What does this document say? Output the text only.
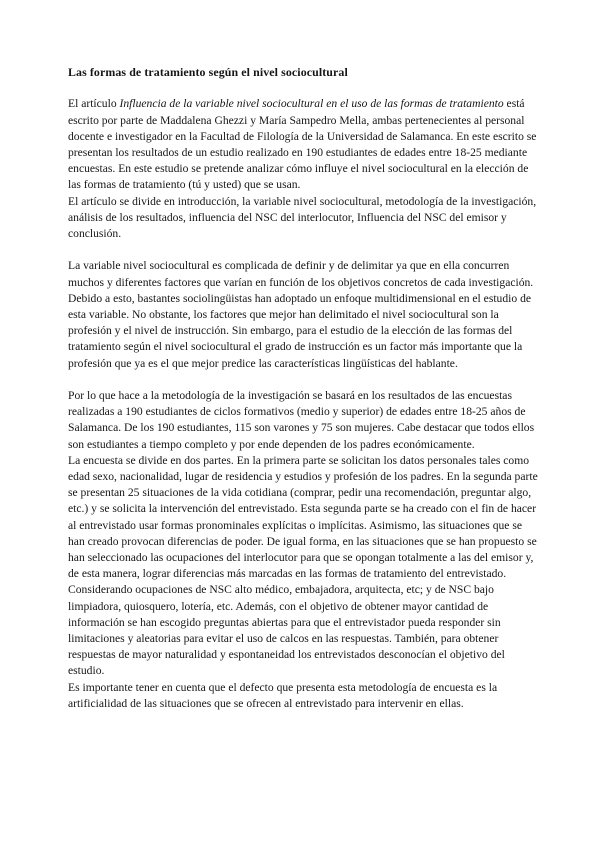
Las formas de tratamiento según el nivel sociocultural

El artículo Influencia de la variable nivel sociocultural en el uso de las formas de tratamiento está escrito por parte de Maddalena Ghezzi y María Sampedro Mella, ambas pertenecientes al personal docente e investigador en la Facultad de Filología de la Universidad de Salamanca. En este escrito se presentan los resultados de un estudio realizado en 190 estudiantes de edades entre 18-25 mediante encuestas. En este estudio se pretende analizar cómo influye el nivel sociocultural en la elección de las formas de tratamiento (tú y usted) que se usan.

El artículo se divide en introducción, la variable nivel sociocultural, metodología de la investigación, análisis de los resultados, influencia del NSC del interlocutor, Influencia del NSC del emisor y conclusión.

La variable nivel sociocultural es complicada de definir y de delimitar ya que en ella concurren muchos y diferentes factores que varían en función de los objetivos concretos de cada investigación. Debido a esto, bastantes sociolingüistas han adoptado un enfoque multidimensional en el estudio de esta variable. No obstante, los factores que mejor han delimitado el nivel sociocultural son la profesión y el nivel de instrucción. Sin embargo, para el estudio de la elección de las formas del tratamiento según el nivel sociocultural el grado de instrucción es un factor más importante que la profesión que ya es el que mejor predice las características lingüísticas del hablante.

Por lo que hace a la metodología de la investigación se basará en los resultados de las encuestas realizadas a 190 estudiantes de ciclos formativos (medio y superior) de edades entre 18-25 años de Salamanca. De los 190 estudiantes, 115 son varones y 75 son mujeres. Cabe destacar que todos ellos son estudiantes a tiempo completo y por ende dependen de los padres económicamente.

La encuesta se divide en dos partes. En la primera parte se solicitan los datos personales tales como edad sexo, nacionalidad, lugar de residencia y estudios y profesión de los padres. En la segunda parte se presentan 25 situaciones de la vida cotidiana (comprar, pedir una recomendación, preguntar algo, etc.) y se solicita la intervención del entrevistado. Esta segunda parte se ha creado con el fin de hacer al entrevistado usar formas pronominales explícitas o implícitas. Asimismo, las situaciones que se han creado provocan diferencias de poder. De igual forma, en las situaciones que se han propuesto se han seleccionado las ocupaciones del interlocutor para que se opongan totalmente a las del emisor y, de esta manera, lograr diferencias más marcadas en las formas de tratamiento del entrevistado. Considerando ocupaciones de NSC alto médico, embajadora, arquitecta, etc; y de NSC bajo limpiadora, quiosquero, lotería, etc. Además, con el objetivo de obtener mayor cantidad de información se han escogido preguntas abiertas para que el entrevistador pueda responder sin limitaciones y aleatorias para evitar el uso de calcos en las respuestas. También, para obtener respuestas de mayor naturalidad y espontaneidad los entrevistados desconocían el objetivo del estudio.

Es importante tener en cuenta que el defecto que presenta esta metodología de encuesta es la artificialidad de las situaciones que se ofrecen al entrevistado para intervenir en ellas.
